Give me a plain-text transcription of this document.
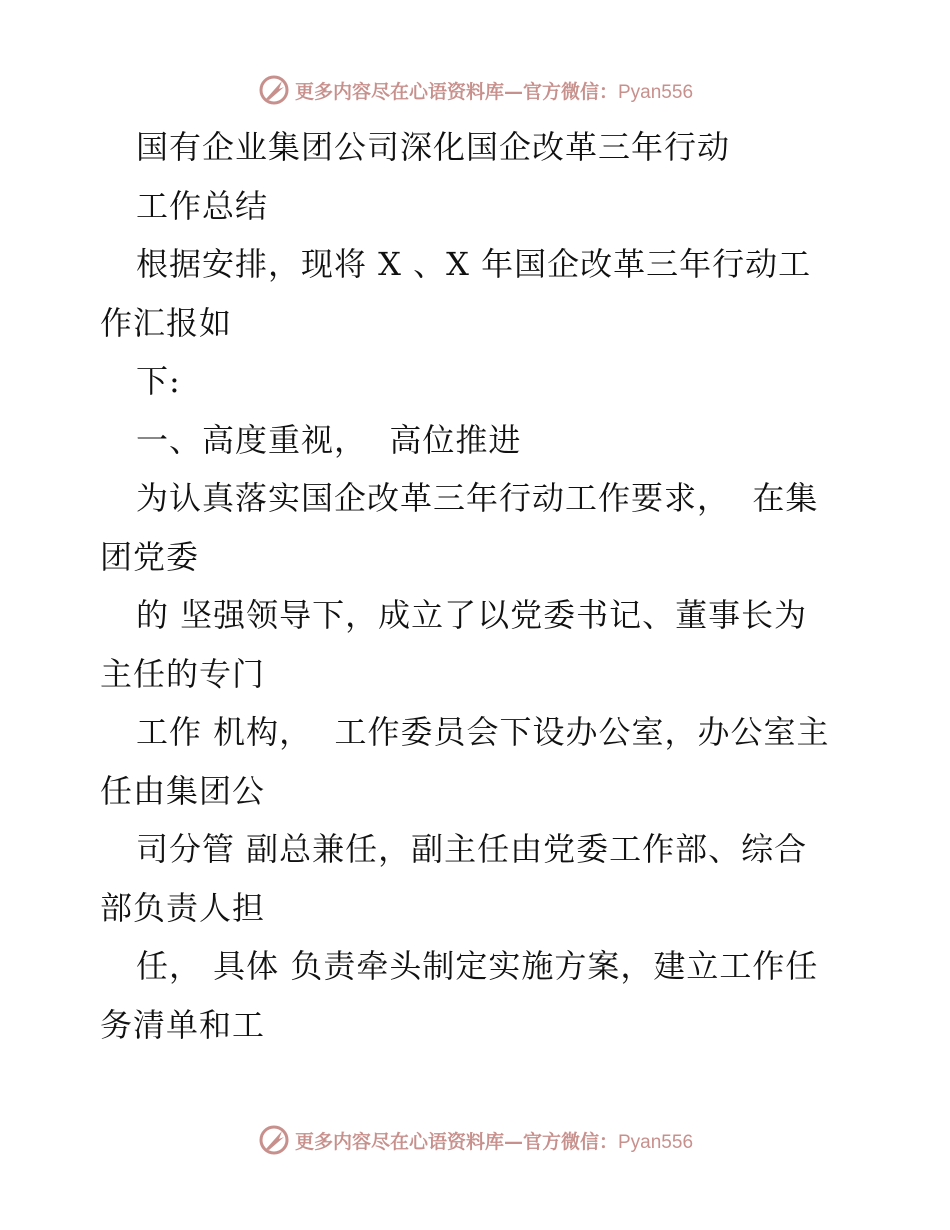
更多内容尽在心语资料库—官方微信：Pyan556
国有企业集团公司深化国企改革三年行动
工作总结
根据安排，现将 X 、X 年国企改革三年行动工
作汇报如
下:
一、高度重视，  高位推进
为认真落实国企改革三年行动工作要求，  在集
团党委
的 坚强领导下，成立了以党委书记、董事长为
主任的专门
工作 机构，  工作委员会下设办公室，办公室主
任由集团公
司分管 副总兼任，副主任由党委工作部、综合
部负责人担
任， 具体 负责牵头制定实施方案，建立工作任
务清单和工
更多内容尽在心语资料库—官方微信：Pyan556
